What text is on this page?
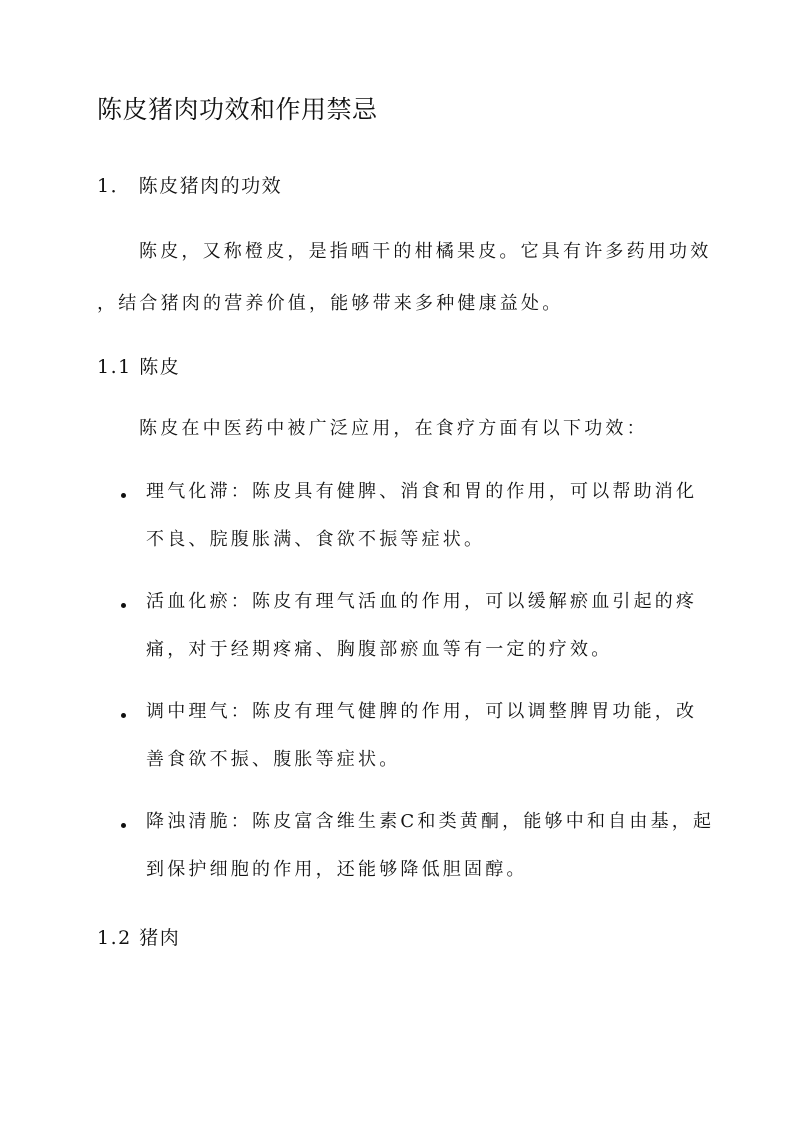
陈皮猪肉功效和作用禁忌
1． 陈皮猪肉的功效

陈皮，又称橙皮，是指晒干的柑橘果皮。它具有许多药用功效

，结合猪肉的营养价值，能够带来多种健康益处。

1.1 陈皮

陈皮在中医药中被广泛应用，在食疗方面有以下功效：

理气化滞：陈皮具有健脾、消食和胃的作用，可以帮助消化

不良、脘腹胀满、食欲不振等症状。

活血化瘀：陈皮有理气活血的作用，可以缓解瘀血引起的疼

痛，对于经期疼痛、胸腹部瘀血等有一定的疗效。

调中理气：陈皮有理气健脾的作用，可以调整脾胃功能，改

善食欲不振、腹胀等症状。

降浊清脆：陈皮富含维生素C和类黄酮，能够中和自由基，起

到保护细胞的作用，还能够降低胆固醇。

1.2 猪肉
